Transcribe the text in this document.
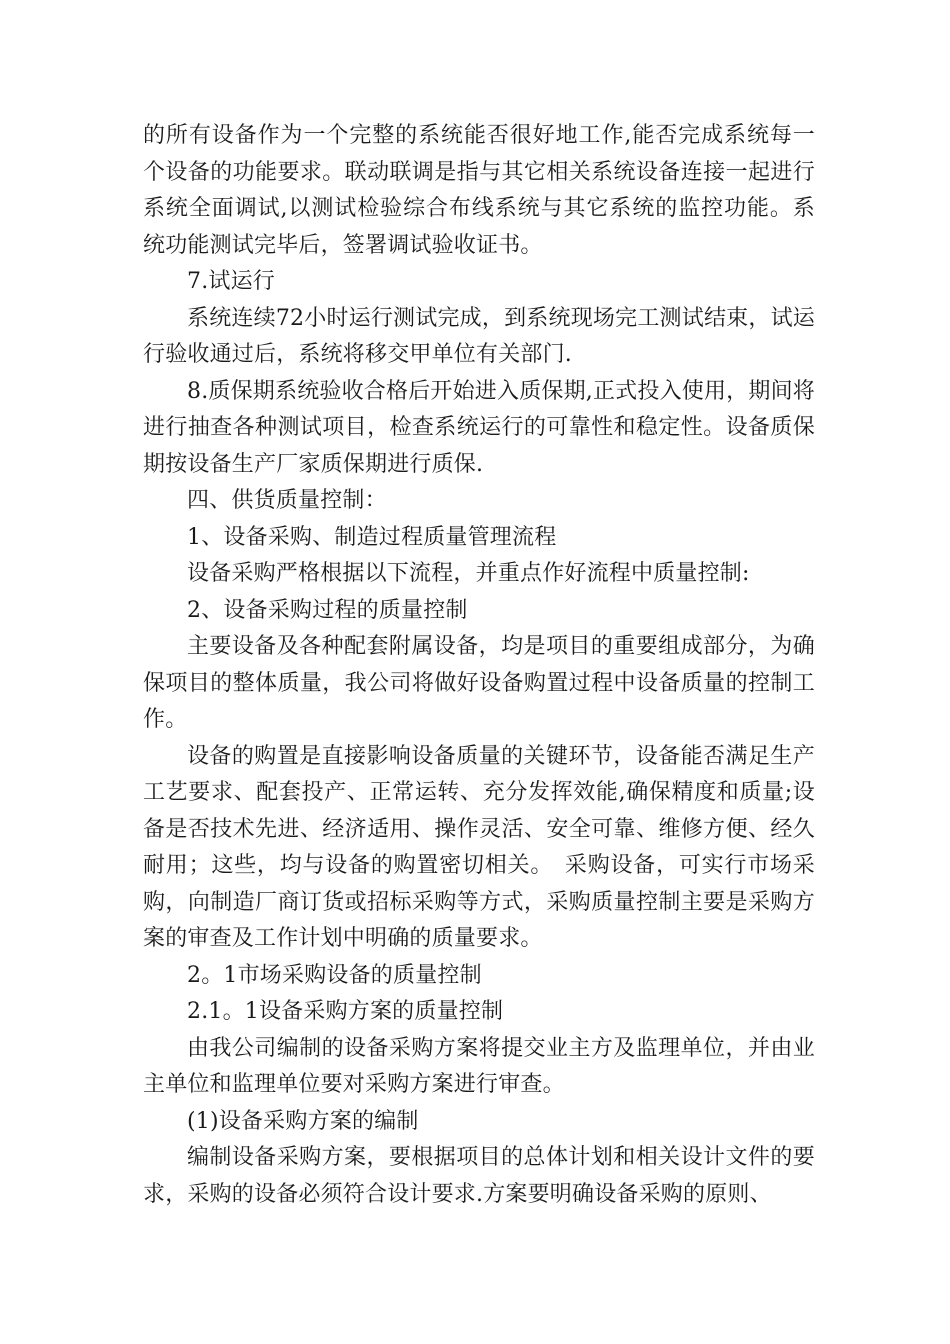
的所有设备作为一个完整的系统能否很好地工作,能否完成系统每一个设备的功能要求。联动联调是指与其它相关系统设备连接一起进行系统全面调试,以测试检验综合布线系统与其它系统的监控功能。系统功能测试完毕后，签署调试验收证书。

7.试运行

系统连续72小时运行测试完成，到系统现场完工测试结束，试运行验收通过后，系统将移交甲单位有关部门.

8.质保期系统验收合格后开始进入质保期,正式投入使用，期间将进行抽查各种测试项目，检查系统运行的可靠性和稳定性。设备质保期按设备生产厂家质保期进行质保.

四、供货质量控制：

1、设备采购、制造过程质量管理流程

设备采购严格根据以下流程，并重点作好流程中质量控制:

2、设备采购过程的质量控制

主要设备及各种配套附属设备，均是项目的重要组成部分，为确保项目的整体质量，我公司将做好设备购置过程中设备质量的控制工作。

设备的购置是直接影响设备质量的关键环节，设备能否满足生产工艺要求、配套投产、正常运转、充分发挥效能,确保精度和质量;设备是否技术先进、经济适用、操作灵活、安全可靠、维修方便、经久耐用；这些，均与设备的购置密切相关。　采购设备，可实行市场采购，向制造厂商订货或招标采购等方式，采购质量控制主要是采购方案的审查及工作计划中明确的质量要求。

2。1市场采购设备的质量控制

2.1。1设备采购方案的质量控制

由我公司编制的设备采购方案将提交业主方及监理单位，并由业主单位和监理单位要对采购方案进行审查。

(1)设备采购方案的编制

编制设备采购方案，要根据项目的总体计划和相关设计文件的要求，采购的设备必须符合设计要求.方案要明确设备采购的原则、
